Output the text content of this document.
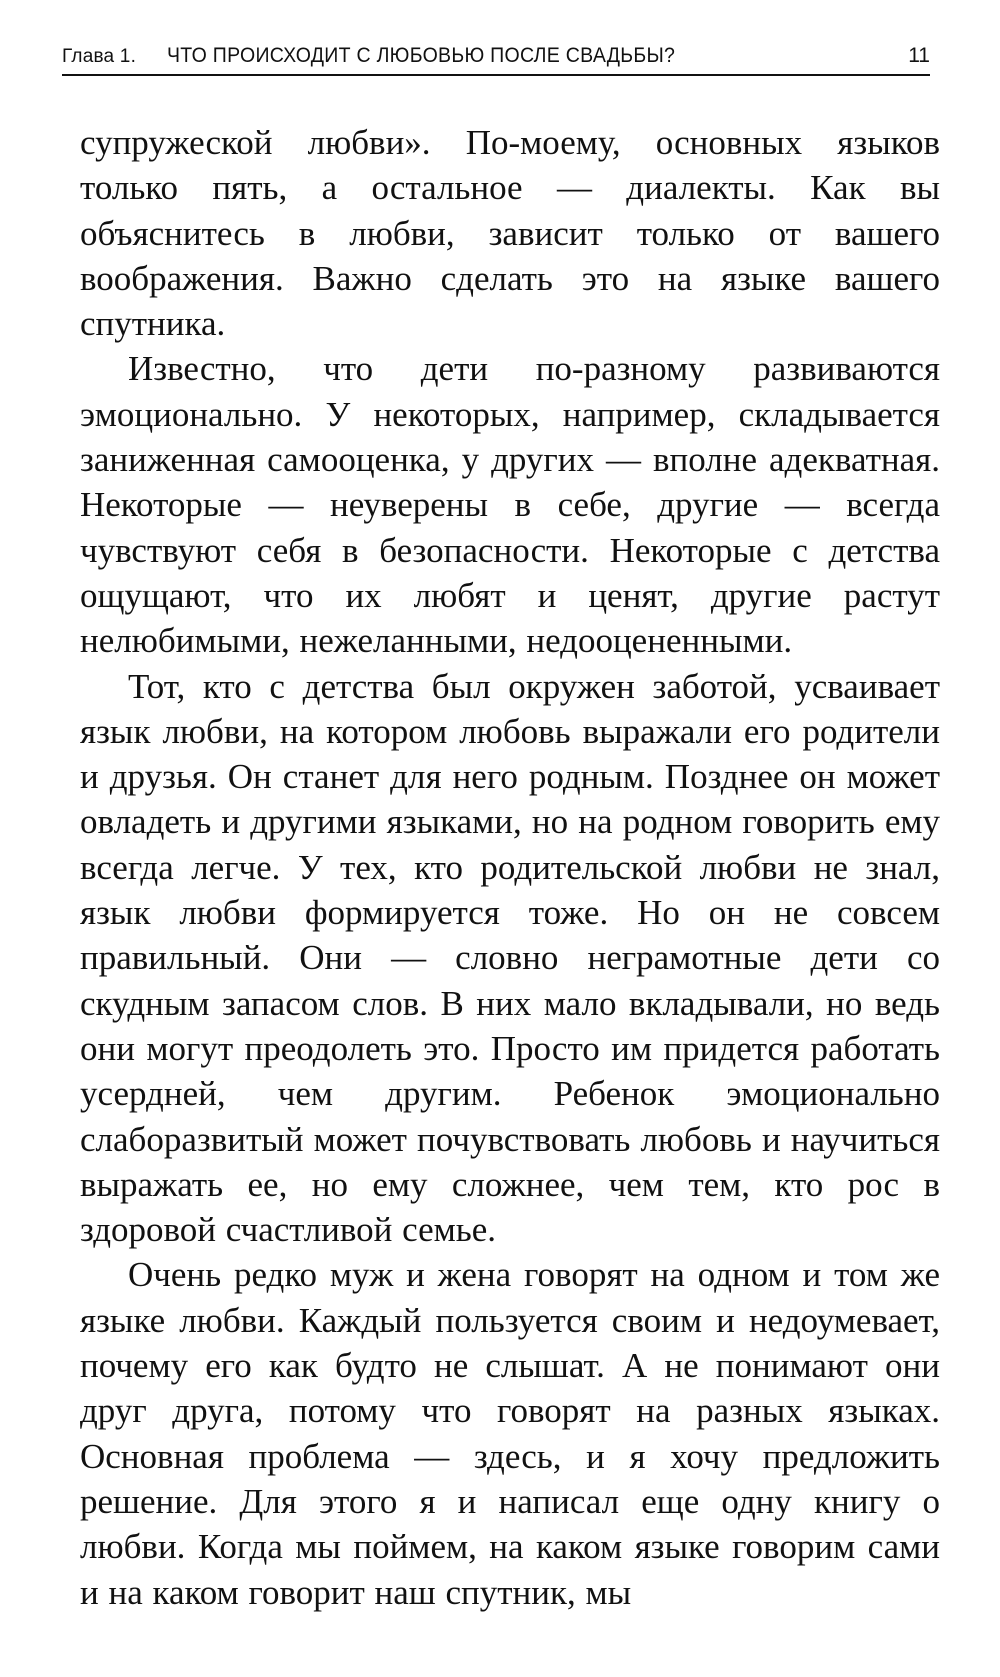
Глава 1. ЧТО ПРОИСХОДИТ С ЛЮБОВЬЮ ПОСЛЕ СВАДЬБЫ?	11

супружеской любви». По-моему, основных языков только пять, а остальное — диалекты. Как вы объяснитесь в любви, зависит только от вашего воображения. Важно сделать это на языке вашего спутника.

Известно, что дети по-разному развиваются эмоционально. У некоторых, например, складывается заниженная самооценка, у других — вполне адекватная. Некоторые — неуверены в себе, другие — всегда чувствуют себя в безопасности. Некоторые с детства ощущают, что их любят и ценят, другие растут нелюбимыми, нежеланными, недооцененными.

Тот, кто с детства был окружен заботой, усваивает язык любви, на котором любовь выражали его родители и друзья. Он станет для него родным. Позднее он может овладеть и другими языками, но на родном говорить ему всегда легче. У тех, кто родительской любви не знал, язык любви формируется тоже. Но он не совсем правильный. Они — словно неграмотные дети со скудным запасом слов. В них мало вкладывали, но ведь они могут преодолеть это. Просто им придется работать усердней, чем другим. Ребенок эмоционально слаборазвитый может почувствовать любовь и научиться выражать ее, но ему сложнее, чем тем, кто рос в здоровой счастливой семье.

Очень редко муж и жена говорят на одном и том же языке любви. Каждый пользуется своим и недоумевает, почему его как будто не слышат. А не понимают они друг друга, потому что говорят на разных языках. Основная проблема — здесь, и я хочу предложить решение. Для этого я и написал еще одну книгу о любви. Когда мы поймем, на каком языке говорим сами и на каком говорит наш спутник, мы
